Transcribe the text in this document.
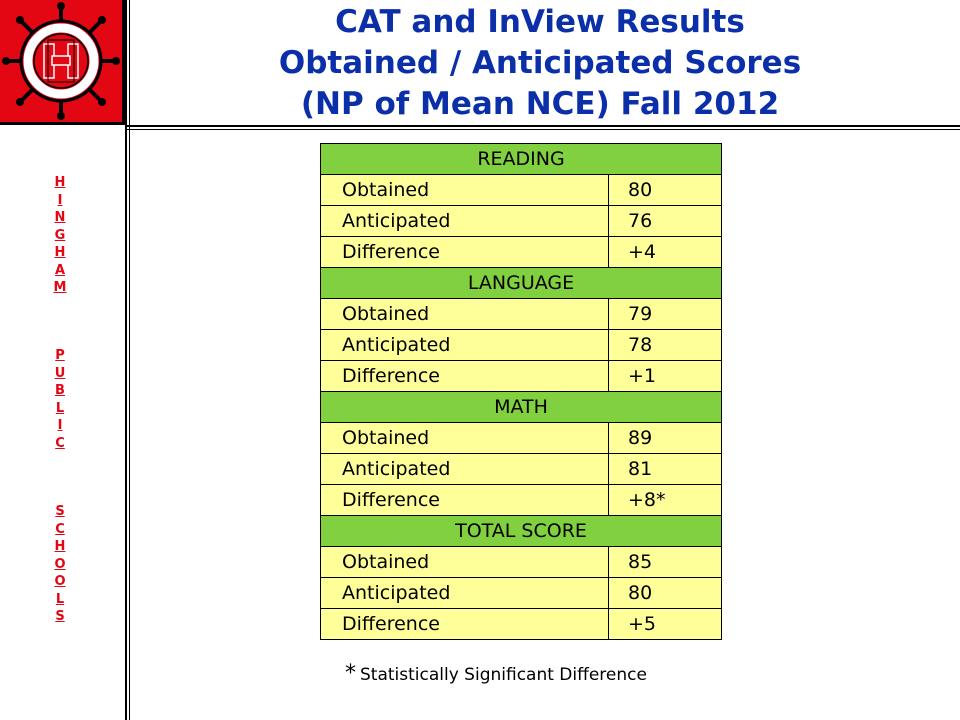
CAT and InView Results
Obtained / Anticipated Scores
(NP of Mean NCE) Fall 2012
H
I
N
G
H
A
M
P
U
B
L
I
C
S
C
H
O
O
L
S
READING	
Obtained	80
Anticipated	76
Difference	+4
LANGUAGE	
Obtained	79
Anticipated	78
Difference	+1
MATH	
Obtained	89
Anticipated	81
Difference	+8*
TOTAL SCORE	
Obtained	85
Anticipated	80
Difference	+5
* Statistically Significant Difference
